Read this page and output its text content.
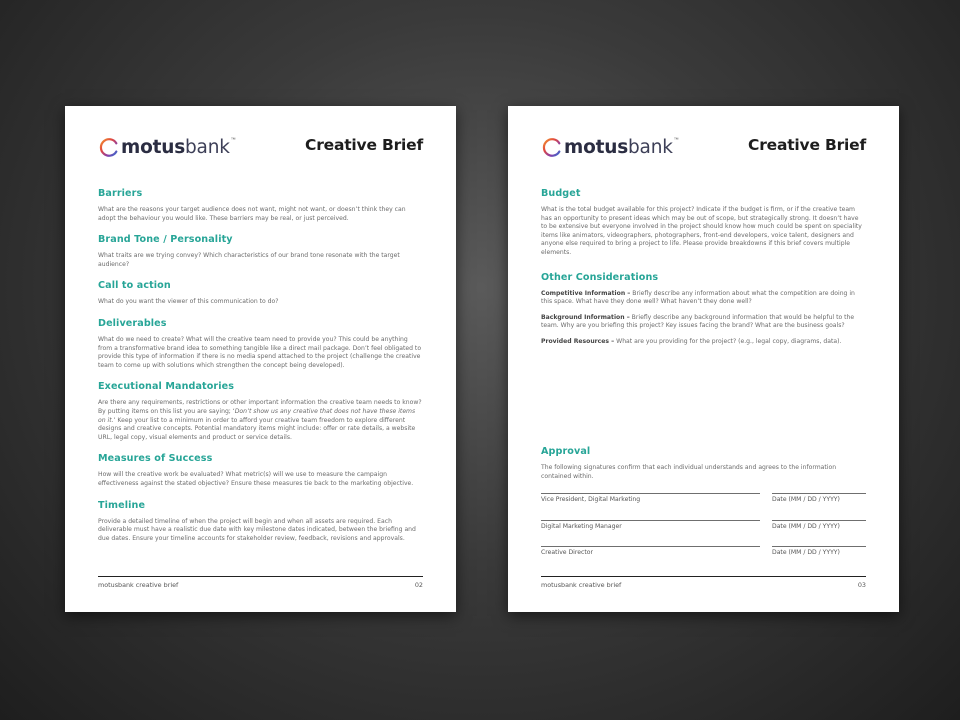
motusbank ™	Creative Brief
Barriers

What are the reasons your target audience does not want, might not want, or doesn’t think they can adopt the behaviour you would like. These barriers may be real, or just perceived.

Brand Tone / Personality

What traits are we trying convey? Which characteristics of our brand tone resonate with the target audience?

Call to action

What do you want the viewer of this communication to do?

Deliverables

What do we need to create? What will the creative team need to provide you? This could be anything from a transformative brand idea to something tangible like a direct mail package. Don’t feel obligated to provide this type of information if there is no media spend attached to the project (challenge the creative team to come up with solutions which strengthen the concept being developed).

Executional Mandatories

Are there any requirements, restrictions or other important information the creative team needs to know? By putting items on this list you are saying; ‘Don’t show us any creative that does not have these items on it.’ Keep your list to a minimum in order to afford your creative team freedom to explore different designs and creative concepts. Potential mandatory items might include: offer or rate details, a website URL, legal copy, visual elements and product or service details.

Measures of Success

How will the creative work be evaluated? What metric(s) will we use to measure the campaign effectiveness against the stated objective? Ensure these measures tie back to the marketing objective.

Timeline

Provide a detailed timeline of when the project will begin and when all assets are required. Each deliverable must have a realistic due date with key milestone dates indicated, between the briefing and due dates. Ensure your timeline accounts for stakeholder review, feedback, revisions and approvals.

motusbank creative brief	02
motusbank ™	Creative Brief
Budget

What is the total budget available for this project? Indicate if the budget is firm, or if the creative team has an opportunity to present ideas which may be out of scope, but strategically strong. It doesn’t have to be extensive but everyone involved in the project should know how much could be spent on speciality items like animators, videographers, photographers, front-end developers, voice talent, designers and anyone else required to bring a project to life. Please provide breakdowns if this brief covers multiple elements.

Other Considerations

Competitive Information – Briefly describe any information about what the competition are doing in this space. What have they done well? What haven’t they done well?

Background Information – Briefly describe any background information that would be helpful to the team. Why are you briefing this project? Key issues facing the brand? What are the business goals?

Provided Resources – What are you providing for the project? (e.g., legal copy, diagrams, data).

Approval

The following signatures confirm that each individual understands and agrees to the information contained within.

Vice President, Digital Marketing	Date (MM / DD / YYYY)
Digital Marketing Manager	Date (MM / DD / YYYY)
Creative Director	Date (MM / DD / YYYY)
motusbank creative brief	03
